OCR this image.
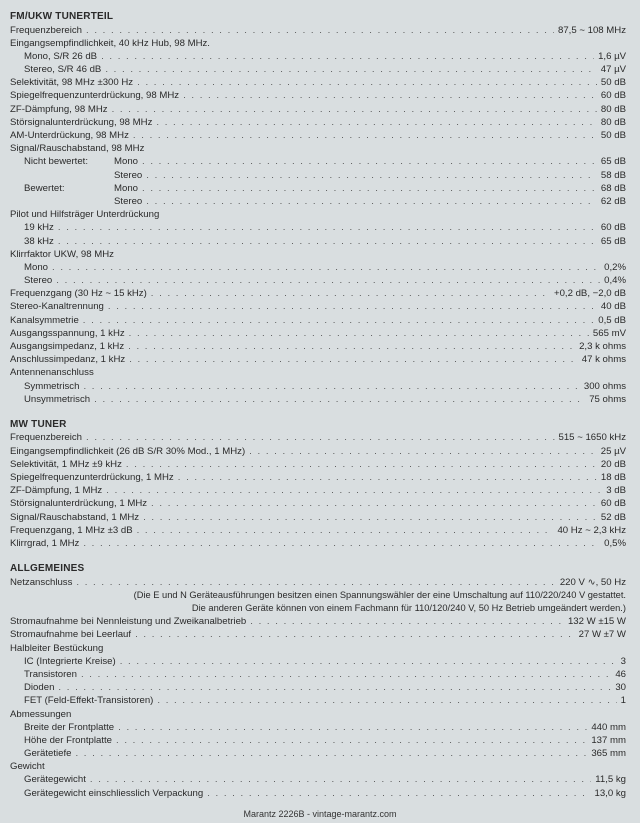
FM/UKW TUNERTEIL
Frequenzbereich . . .	87,5 ~ 108 MHz
Eingangsempfindlichkeit, 40 kHz Hub, 98 MHz.
Mono, S/R 26 dB . . .	1,6 µV
Stereo, S/R 46 dB . . .	47 µV
Selektivität, 98 MHz ±300 Hz . . .	50 dB
Spiegelfrequenzunterdrückung, 98 MHz . . .	60 dB
ZF-Dämpfung, 98 MHz . . .	80 dB
Störsignalunterdrückung, 98 MHz . . .	80 dB
AM-Unterdrückung, 98 MHz . . .	50 dB
Signal/Rauschabstand, 98 MHz
Nicht bewertet:	Mono . . .	65 dB
Stereo . . .	58 dB
Bewertet:	Mono . . .	68 dB
Stereo . . .	62 dB
Pilot und Hilfsträger Unterdrückung
19 kHz . . .	60 dB
38 kHz . . .	65 dB
Klirrfaktor UKW, 98 MHz
Mono . . .	0,2%
Stereo . . .	0,4%
Frequenzgang (30 Hz ~ 15 kHz) . . .	+0,2 dB, −2,0 dB
Stereo-Kanaltrennung . . .	40 dB
Kanalsymmetrie . . .	0,5 dB
Ausgangsspannung, 1 kHz . . .	565 mV
Ausgangsimpedanz, 1 kHz . . .	2,3 k ohms
Anschlussimpedanz, 1 kHz . . .	47 k ohms
Antennenanschluss
Symmetrisch . . .	300 ohms
Unsymmetrisch . . .	75 ohms
MW TUNER
Frequenzbereich . . .	515 ~ 1650 kHz
Eingangsempfindlichkeit (26 dB S/R 30% Mod., 1 MHz) . . .	25 µV
Selektivität, 1 MHz ±9 kHz . . .	20 dB
Spiegelfrequenzunterdrückung, 1 MHz . . .	18 dB
ZF-Dämpfung, 1 MHz . . .	3 dB
Störsignalunterdrückung, 1 MHz . . .	60 dB
Signal/Rauschabstand, 1 MHz . . .	52 dB
Frequenzgang, 1 MHz ±3 dB . . .	40 Hz ~ 2,3 kHz
Klirrgrad, 1 MHz . . .	0,5%
ALLGEMEINES
Netzanschluss . . .	220 V ∿, 50 Hz
(Die E und N Geräteausführungen besitzen einen Spannungswähler der eine Umschaltung auf 110/220/240 V gestattet.
Die anderen Geräte können von einem Fachmann für 110/120/240 V, 50 Hz Betrieb umgeändert werden.)
Stromaufnahme bei Nennleistung und Zweikanalbetrieb . . .	132 W ±15 W
Stromaufnahme bei Leerlauf . . .	27 W ±7 W
Halbleiter Bestückung
IC (Integrierte Kreise) . . .	3
Transistoren . . .	46
Dioden . . .	30
FET (Feld-Effekt-Transistoren) . . .	1
Abmessungen
Breite der Frontplatte . . .	440 mm
Höhe der Frontplatte . . .	137 mm
Gerätetiefe . . .	365 mm
Gewicht
Gerätegewicht . . .	11,5 kg
Gerätegewicht einschliesslich Verpackung . . .	13,0 kg
Marantz 2226B - vintage-marantz.com
